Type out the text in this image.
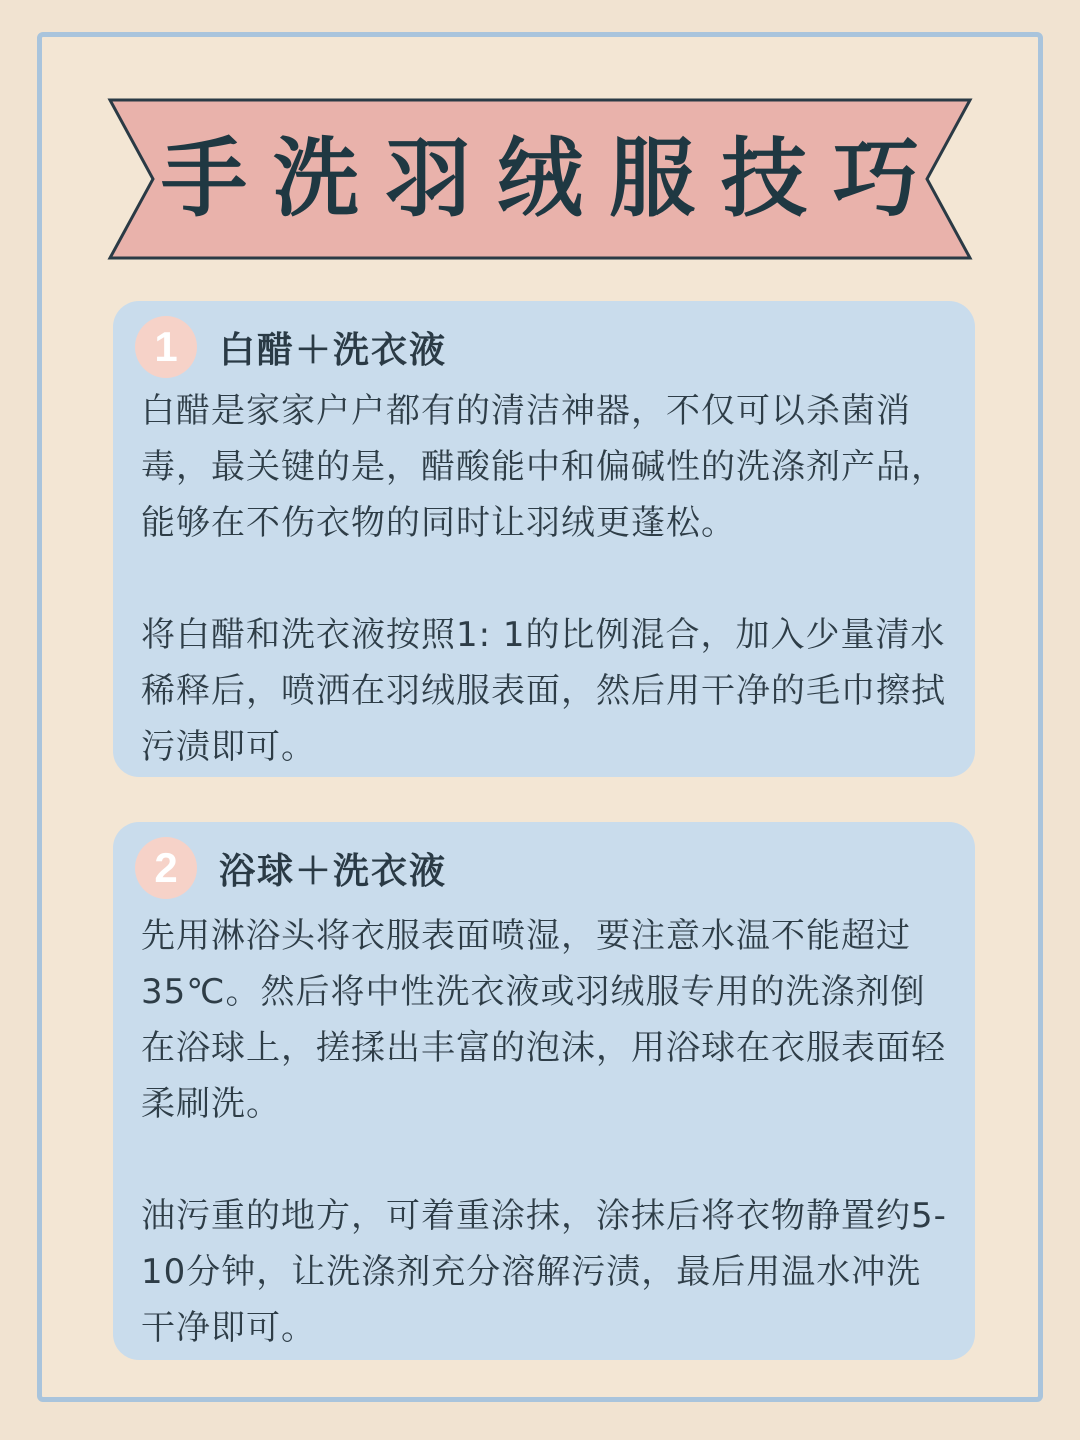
手洗羽绒服技巧
1	白醋＋洗衣液

白醋是家家户户都有的清洁神器，不仅可以杀菌消毒，最关键的是，醋酸能中和偏碱性的洗涤剂产品，能够在不伤衣物的同时让羽绒更蓬松。

将白醋和洗衣液按照1: 1的比例混合，加入少量清水稀释后，喷洒在羽绒服表面，然后用干净的毛巾擦拭污渍即可。

2	浴球＋洗衣液

先用淋浴头将衣服表面喷湿，要注意水温不能超过35℃。然后将中性洗衣液或羽绒服专用的洗涤剂倒在浴球上，搓揉出丰富的泡沫，用浴球在衣服表面轻柔刷洗。

油污重的地方，可着重涂抹，涂抹后将衣物静置约5-10分钟，让洗涤剂充分溶解污渍，最后用温水冲洗干净即可。
